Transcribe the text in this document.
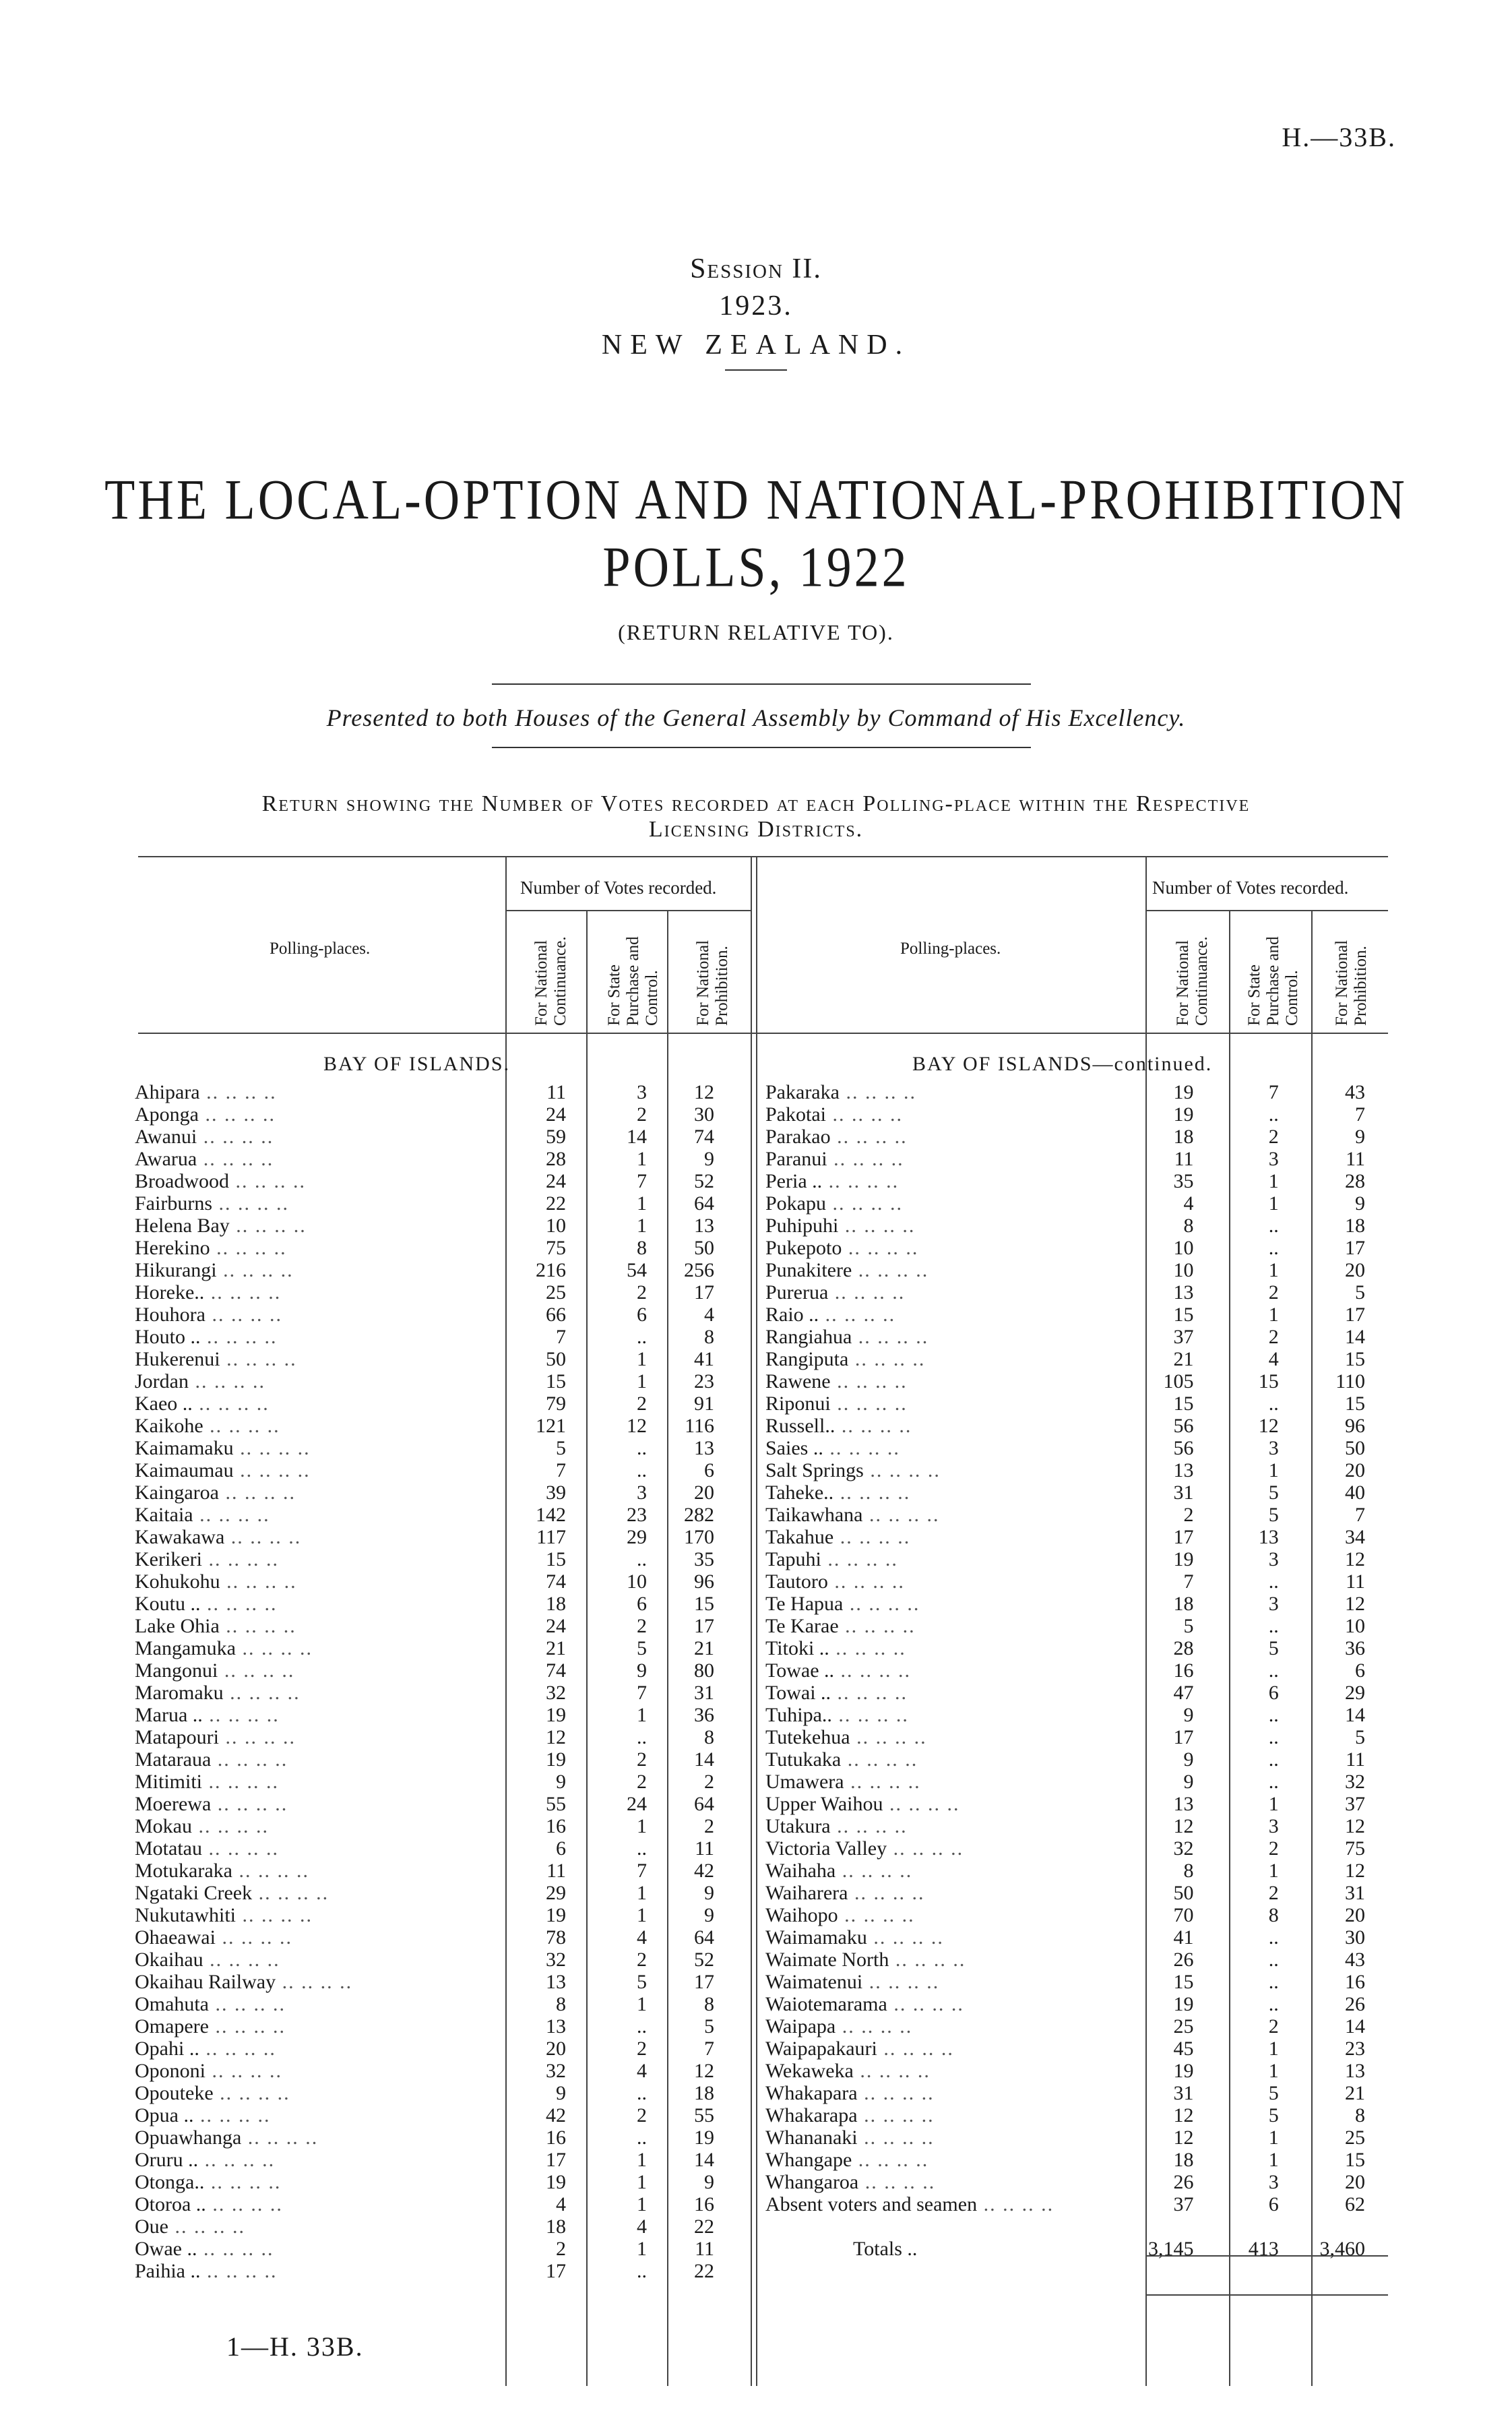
H.—33B.
Session II.
1923.
NEW ZEALAND.
THE LOCAL-OPTION AND NATIONAL-PROHIBITION
POLLS, 1922
(RETURN RELATIVE TO).
Presented to both Houses of the General Assembly by Command of His Excellency.
Return showing the Number of Votes recorded at each Polling-place within the Respective
Licensing Districts.
Polling-places.
Number of Votes recorded.
For National Continuance. For State Purchase and Control. For National Prohibition.	Polling-places.
Number of Votes recorded.
For National Continuance. For State Purchase and Control. For National Prohibition.
BAY OF ISLANDS.	BAY OF ISLANDS—continued.
Ahipara .. .. .. ..	11	3	12
Aponga .. .. .. ..	24	2	30
Awanui .. .. .. ..	59	14	74
Awarua .. .. .. ..	28	1	9
Broadwood .. .. .. ..	24	7	52
Fairburns .. .. .. ..	22	1	64
Helena Bay .. .. .. ..	10	1	13
Herekino .. .. .. ..	75	8	50
Hikurangi .. .. .. ..	216	54	256
Horeke.. .. .. .. ..	25	2	17
Houhora .. .. .. ..	66	6	4
Houto .. .. .. .. ..	7	..	8
Hukerenui .. .. .. ..	50	1	41
Jordan .. .. .. ..	15	1	23
Kaeo .. .. .. .. ..	79	2	91
Kaikohe .. .. .. ..	121	12	116
Kaimamaku .. .. .. ..	5	..	13
Kaimaumau .. .. .. ..	7	..	6
Kaingaroa .. .. .. ..	39	3	20
Kaitaia .. .. .. ..	142	23	282
Kawakawa .. .. .. ..	117	29	170
Kerikeri .. .. .. ..	15	..	35
Kohukohu .. .. .. ..	74	10	96
Koutu .. .. .. .. ..	18	6	15
Lake Ohia .. .. .. ..	24	2	17
Mangamuka .. .. .. ..	21	5	21
Mangonui .. .. .. ..	74	9	80
Maromaku .. .. .. ..	32	7	31
Marua .. .. .. .. ..	19	1	36
Matapouri .. .. .. ..	12	..	8
Mataraua .. .. .. ..	19	2	14
Mitimiti .. .. .. ..	9	2	2
Moerewa .. .. .. ..	55	24	64
Mokau .. .. .. ..	16	1	2
Motatau .. .. .. ..	6	..	11
Motukaraka .. .. .. ..	11	7	42
Ngataki Creek .. .. .. ..	29	1	9
Nukutawhiti .. .. .. ..	19	1	9
Ohaeawai .. .. .. ..	78	4	64
Okaihau .. .. .. ..	32	2	52
Okaihau Railway .. .. .. ..	13	5	17
Omahuta .. .. .. ..	8	1	8
Omapere .. .. .. ..	13	..	5
Opahi .. .. .. .. ..	20	2	7
Opononi .. .. .. ..	32	4	12
Opouteke .. .. .. ..	9	..	18
Opua .. .. .. .. ..	42	2	55
Opuawhanga .. .. .. ..	16	..	19
Oruru .. .. .. .. ..	17	1	14
Otonga.. .. .. .. ..	19	1	9
Otoroa .. .. .. .. ..	4	1	16
Oue .. .. .. ..	18	4	22
Owae .. .. .. .. ..	2	1	11
Paihia .. .. .. .. ..	17	..	22
Pakaraka .. .. .. ..	19	7	43
Pakotai .. .. .. ..	19	..	7
Parakao .. .. .. ..	18	2	9
Paranui .. .. .. ..	11	3	11
Peria .. .. .. .. ..	35	1	28
Pokapu .. .. .. ..	4	1	9
Puhipuhi .. .. .. ..	8	..	18
Pukepoto .. .. .. ..	10	..	17
Punakitere .. .. .. ..	10	1	20
Pureruа .. .. .. ..	13	2	5
Raio .. .. .. .. ..	15	1	17
Rangiahua .. .. .. ..	37	2	14
Rangiputa .. .. .. ..	21	4	15
Rawene .. .. .. ..	105	15	110
Riponui .. .. .. ..	15	..	15
Russell.. .. .. .. ..	56	12	96
Saies .. .. .. .. ..	56	3	50
Salt Springs .. .. .. ..	13	1	20
Taheke.. .. .. .. ..	31	5	40
Taikawhana .. .. .. ..	2	5	7
Takahue .. .. .. ..	17	13	34
Tapuhi .. .. .. ..	19	3	12
Tautoro .. .. .. ..	7	..	11
Te Hapua .. .. .. ..	18	3	12
Te Karae .. .. .. ..	5	..	10
Titoki .. .. .. .. ..	28	5	36
Towae .. .. .. .. ..	16	..	6
Towai .. .. .. .. ..	47	6	29
Tuhipa.. .. .. .. ..	9	..	14
Tutekehua .. .. .. ..	17	..	5
Tutukaka .. .. .. ..	9	..	11
Umawera .. .. .. ..	9	..	32
Upper Waihou .. .. .. ..	13	1	37
Utakura .. .. .. ..	12	3	12
Victoria Valley .. .. .. ..	32	2	75
Waihaha .. .. .. ..	8	1	12
Waiharera .. .. .. ..	50	2	31
Waihopo .. .. .. ..	70	8	20
Waimamaku .. .. .. ..	41	..	30
Waimate North .. .. .. ..	26	..	43
Waimatenui .. .. .. ..	15	..	16
Waiotemarama .. .. .. ..	19	..	26
Waipapa .. .. .. ..	25	2	14
Waipapakauri .. .. .. ..	45	1	23
Wekaweka .. .. .. ..	19	1	13
Whakapara .. .. .. ..	31	5	21
Whakarapa .. .. .. ..	12	5	8
Whananaki .. .. .. ..	12	1	25
Whangape .. .. .. ..	18	1	15
Whangaroa .. .. .. ..	26	3	20
Absent voters and seamen .. .. .. ..	37	6	62

Totals ..	3,145	413	3,460
1—H. 33B.
